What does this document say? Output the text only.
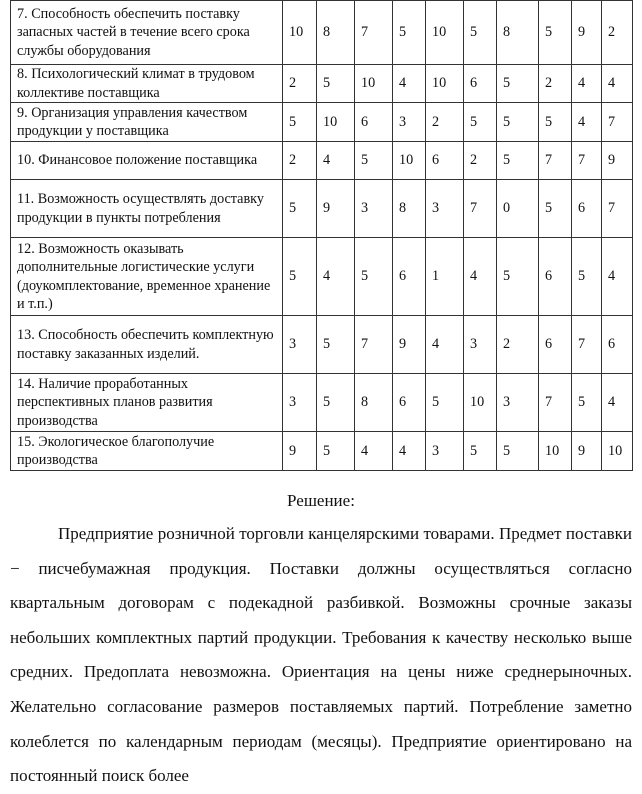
7. Способность обеспечить поставку запасных частей в течение всего срока службы оборудования	10	8	7	5	10	5	8	5	9	2
8. Психологический климат в трудовом коллективе поставщика	2	5	10	4	10	6	5	2	4	4
9. Организация управления качеством продукции у поставщика	5	10	6	3	2	5	5	5	4	7
10. Финансовое положение поставщика	2	4	5	10	6	2	5	7	7	9
11. Возможность осуществлять доставку продукции в пункты потребления	5	9	3	8	3	7	0	5	6	7
12. Возможность оказывать дополнительные логистические услуги (доукомплектование, временное хранение и т.п.)	5	4	5	6	1	4	5	6	5	4
13. Способность обеспечить комплектную поставку заказанных изделий.	3	5	7	9	4	3	2	6	7	6
14. Наличие проработанных перспективных планов развития производства	3	5	8	6	5	10	3	7	5	4
15. Экологическое благополучие производства	9	5	4	4	3	5	5	10	9	10
Решение:

Предприятие розничной торговли канцелярскими товарами. Предмет поставки − писчебумажная продукция. Поставки должны осуществляться согласно квартальным договорам с подекадной разбивкой. Возможны срочные заказы небольших комплектных партий продукции. Требования к качеству несколько выше средних. Предоплата невозможна. Ориентация на цены ниже среднерыночных. Желательно согласование размеров поставляемых партий. Потребление заметно колеблется по календарным периодам (месяцы). Предприятие ориентировано на постоянный поиск более
